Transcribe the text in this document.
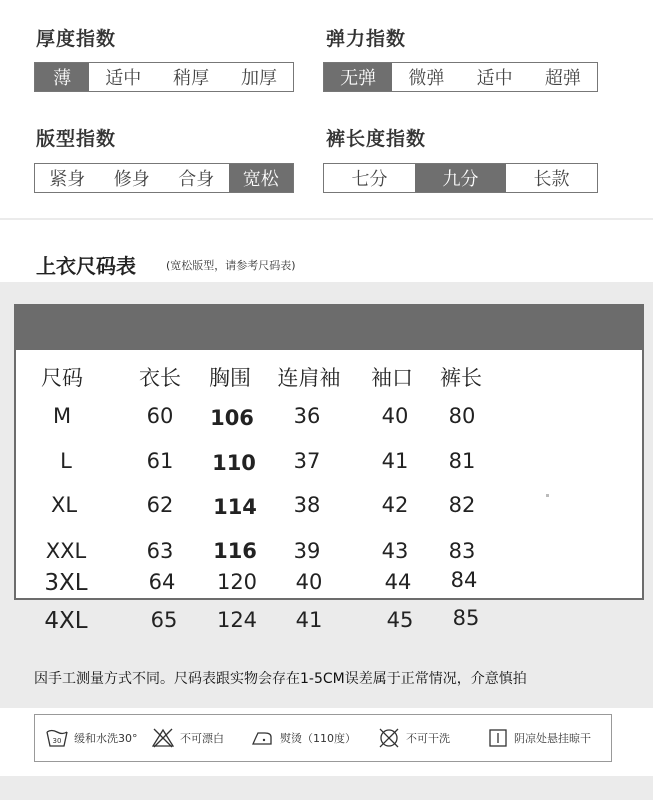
厚度指数
薄	适中	稍厚	加厚
弹力指数
无弹	微弹	适中	超弹
版型指数
紧身	修身	合身	宽松
裤长度指数
七分	九分	长款
上衣尺码表	(宽松版型，请参考尺码表)
尺码	衣长	胸围	连肩袖	袖口	裤长
M	60	106	36	40	80
L	61	110	37	41	81
XL	62	114	38	42	82
XXL	63	116	39	43	83
3XL	64	120	40	44	84
4XL	65	124	41	45	85
因手工测量方式不同。尺码表跟实物会存在1-5CM误差属于正常情况，介意慎拍
30 缓和水洗30°	不可漂白	熨烫（110度）	不可干洗	阴凉处悬挂晾干
